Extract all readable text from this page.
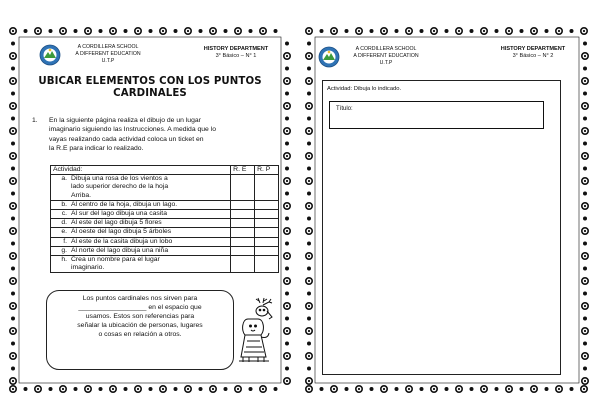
A CORDILLERA SCHOOL
A DIFFERENT EDUCATION
U.T.P
HISTORY DEPARTMENT
3° Básico – N° 1
UBICAR ELEMENTOS CON LOS PUNTOS
CARDINALES
1.	En la siguiente página realiza el dibujo de un lugar
imaginario siguiendo las Instrucciones. A medida que lo
vayas realizando cada actividad coloca un ticket en
la R.E para indicar lo realizado.
Actividad:	R. E	R. P

a. Dibuja una rosa de los vientos a
lado superior derecho de la hoja
Arriba.		

b. Al centro de la hoja, dibuja un lago.		

c. Al sur del lago dibuja una casita		

d. Al este del lago dibuja 5 flores		

e. Al oeste del lago dibuja 5 árboles		

f. Al este de la casita dibuja un lobo		

g. Al norte del lago dibuja una niña		

h. Crea un nombre para el lugar
imaginario.		

Los puntos cardinales nos sirven para
__________________ en el espacio que
usamos. Estos son referencias para
señalar la ubicación de personas, lugares
o cosas en relación a otros.
A CORDILLERA SCHOOL
A DIFFERENT EDUCATION
U.T.P
HISTORY DEPARTMENT
3° Básico – N° 2
Actividad: Dibuja lo indicado.
Título:
